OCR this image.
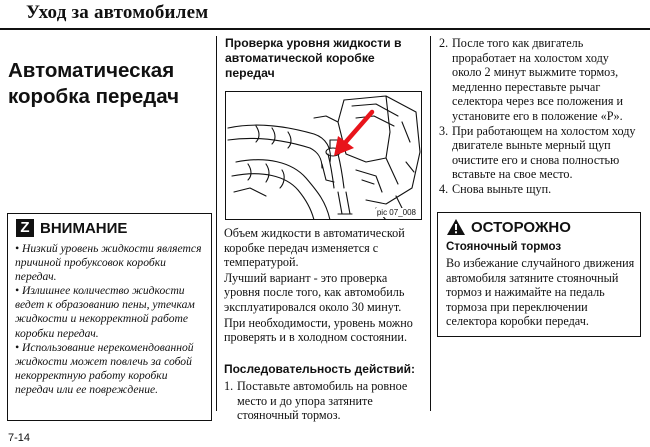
Уход за автомобилем
Автоматическая
коробка передач
Z ВНИМАНИЕ

• Низкий уровень жидкости является причиной пробуксовок коробки передач.

• Излишнее количество жидкости ведет к образованию пены, утечкам жидкости и некорректной работе коробки передач.

• Использование нерекомендованной жидкости может повлечь за собой некорректную работу коробки передач или ее повреждение.

7-14
Проверка уровня жидкости в автоматической коробке передач
pic 07_008

Объем жидкости в автоматической коробке передач изменяется с температурой.

Лучший вариант - это проверка уровня после того, как автомобиль эксплуатировался около 30 минут.

При необходимости, уровень можно проверять и в холодном состоянии.

Последовательность действий:
1. Поставьте автомобиль на ровное место и до упора затяните стояночный тормоз.
2. После того как двигатель проработает на холостом ходу около 2 минут выжмите тормоз, медленно переставьте рычаг селектора через все положения и установите его в положение «P».
3. При работающем на холостом ходу двигателе выньте мерный щуп очистите его и снова полностью вставьте на свое место.
4. Снова выньте щуп.
ОСТОРОЖНО
Стояночный тормоз
Во избежание случайного движения автомобиля затяните стояночный тормоз и нажимайте на педаль тормоза при переключении селектора коробки передач.
